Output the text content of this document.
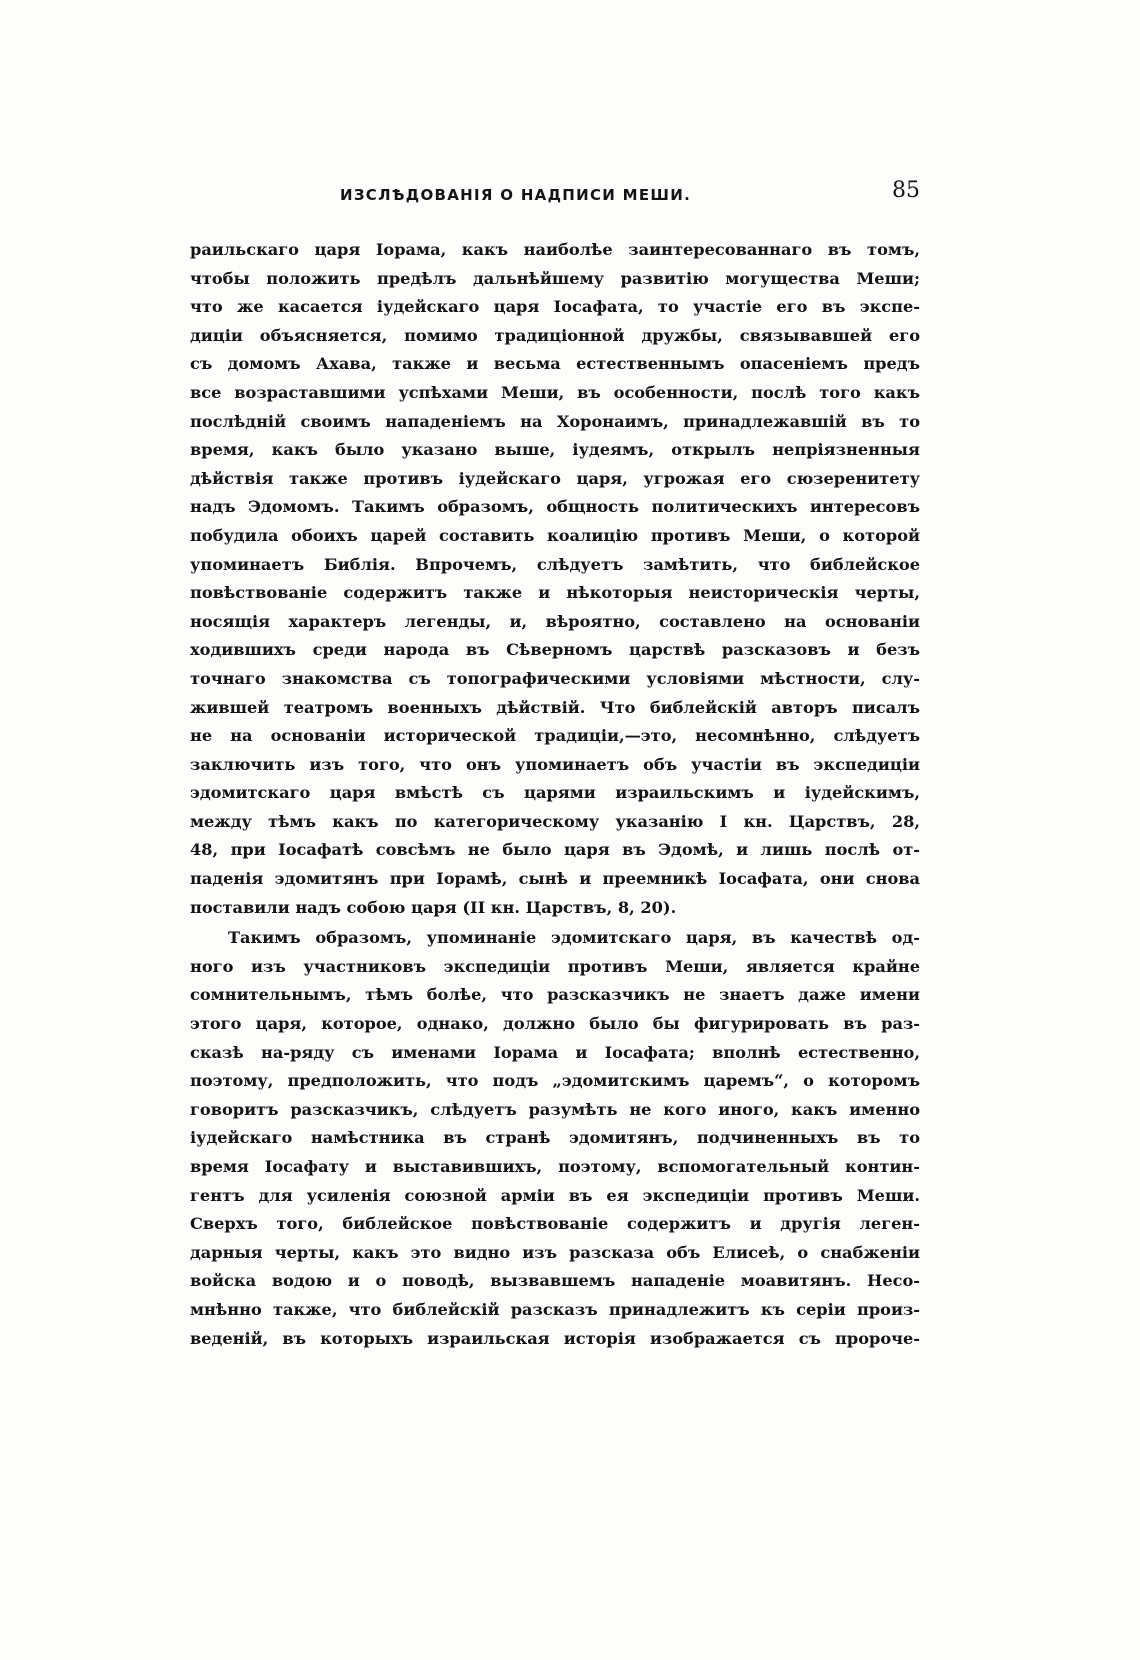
ИЗСЛѢДОВАНІЯ О НАДПИСИ МЕШИ.	85
раильскаго царя Іорама, какъ наиболѣе заинтересованнаго въ томъ,
чтобы положить предѣлъ дальнѣйшему развитію могущества Меши;
что же касается іудейскаго царя Іосафата, то участіе его въ экспе-
диціи объясняется, помимо традиціонной дружбы, связывавшей его
съ домомъ Ахава, также и весьма естественнымъ опасеніемъ предъ
все возраставшими успѣхами Меши, въ особенности, послѣ того какъ
послѣдній своимъ нападеніемъ на Хоронаимъ, принадлежавшій въ то
время, какъ было указано выше, іудеямъ, открылъ непріязненныя
дѣйствія также противъ іудейскаго царя, угрожая его сюзеренитету
надъ Эдомомъ. Такимъ образомъ, общность политическихъ интересовъ
побудила обоихъ царей составить коалицію противъ Меши, о которой
упоминаетъ Библія. Впрочемъ, слѣдуетъ замѣтить, что библейское
повѣствованіе содержитъ также и нѣкоторыя неисторическія черты,
носящія характеръ легенды, и, вѣроятно, составлено на основаніи
ходившихъ среди народа въ Сѣверномъ царствѣ разсказовъ и безъ
точнаго знакомства съ топографическими условіями мѣстности, слу-
жившей театромъ военныхъ дѣйствій. Что библейскій авторъ писалъ
не на основаніи исторической традиціи,—это, несомнѣнно, слѣдуетъ
заключить изъ того, что онъ упоминаетъ объ участіи въ экспедиціи
эдомитскаго царя вмѣстѣ съ царями израильскимъ и іудейскимъ,
между тѣмъ какъ по категорическому указанію I кн. Царствъ, 28,
48, при Іосафатѣ совсѣмъ не было царя въ Эдомѣ, и лишь послѣ от-
паденія эдомитянъ при Іорамѣ, сынѣ и преемникѣ Іосафата, они снова
поставили надъ собою царя (II кн. Царствъ, 8, 20).
Такимъ образомъ, упоминаніе эдомитскаго царя, въ качествѣ од-
ного изъ участниковъ экспедиціи противъ Меши, является крайне
сомнительнымъ, тѣмъ болѣе, что разсказчикъ не знаетъ даже имени
этого царя, которое, однако, должно было бы фигурировать въ раз-
сказѣ на-ряду съ именами Іорама и Іосафата; вполнѣ естественно,
поэтому, предположить, что подъ „эдомитскимъ царемъ“, о которомъ
говоритъ разсказчикъ, слѣдуетъ разумѣть не кого иного, какъ именно
іудейскаго намѣстника въ странѣ эдомитянъ, подчиненныхъ въ то
время Іосафату и выставившихъ, поэтому, вспомогательный контин-
гентъ для усиленія союзной арміи въ ея экспедиціи противъ Меши.
Сверхъ того, библейское повѣствованіе содержитъ и другія леген-
дарныя черты, какъ это видно изъ разсказа объ Елисеѣ, о снабженіи
войска водою и о поводѣ, вызвавшемъ нападеніе моавитянъ. Несо-
мнѣнно также, что библейскій разсказъ принадлежитъ къ серіи произ-
веденій, въ которыхъ израильская исторія изображается съ пророче-
